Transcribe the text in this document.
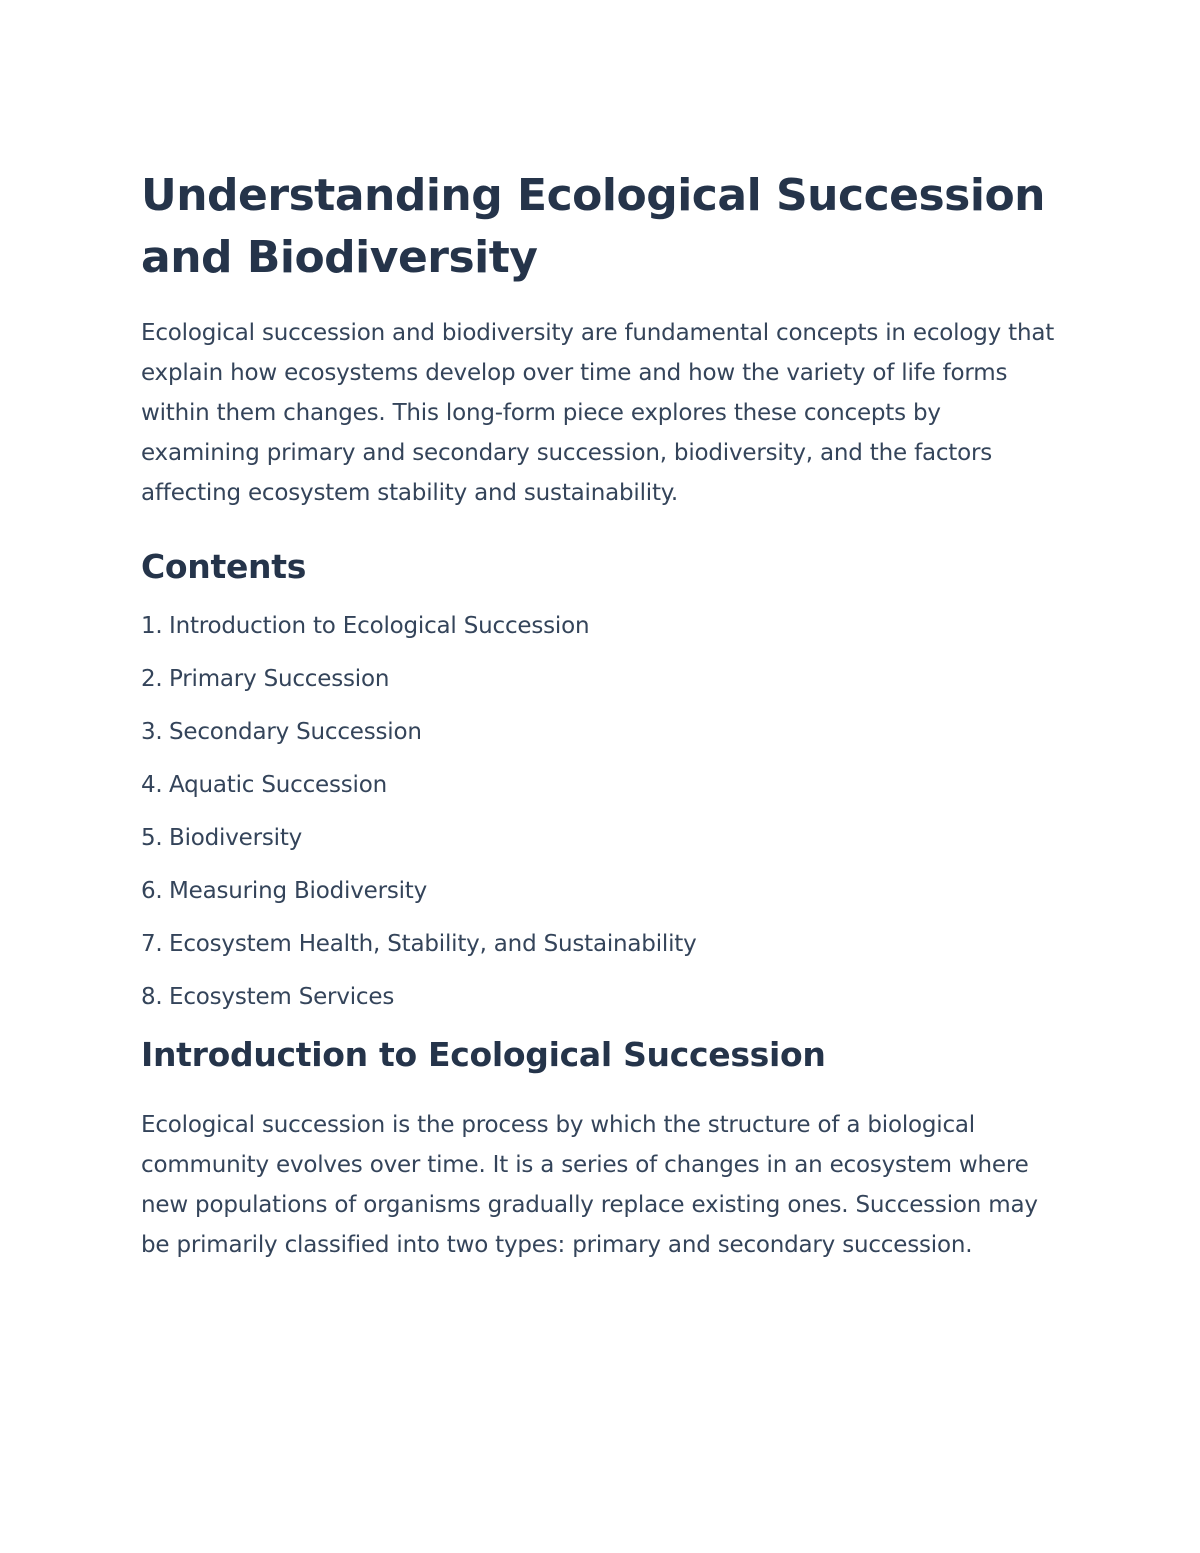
Understanding Ecological Succession and Biodiversity

Ecological succession and biodiversity are fundamental concepts in ecology that explain how ecosystems develop over time and how the variety of life forms within them changes. This long-form piece explores these concepts by examining primary and secondary succession, biodiversity, and the factors affecting ecosystem stability and sustainability.

Contents
1. Introduction to Ecological Succession
2. Primary Succession
3. Secondary Succession
4. Aquatic Succession
5. Biodiversity
6. Measuring Biodiversity
7. Ecosystem Health, Stability, and Sustainability
8. Ecosystem Services
Introduction to Ecological Succession

Ecological succession is the process by which the structure of a biological community evolves over time. It is a series of changes in an ecosystem where new populations of organisms gradually replace existing ones. Succession may be primarily classified into two types: primary and secondary succession.
